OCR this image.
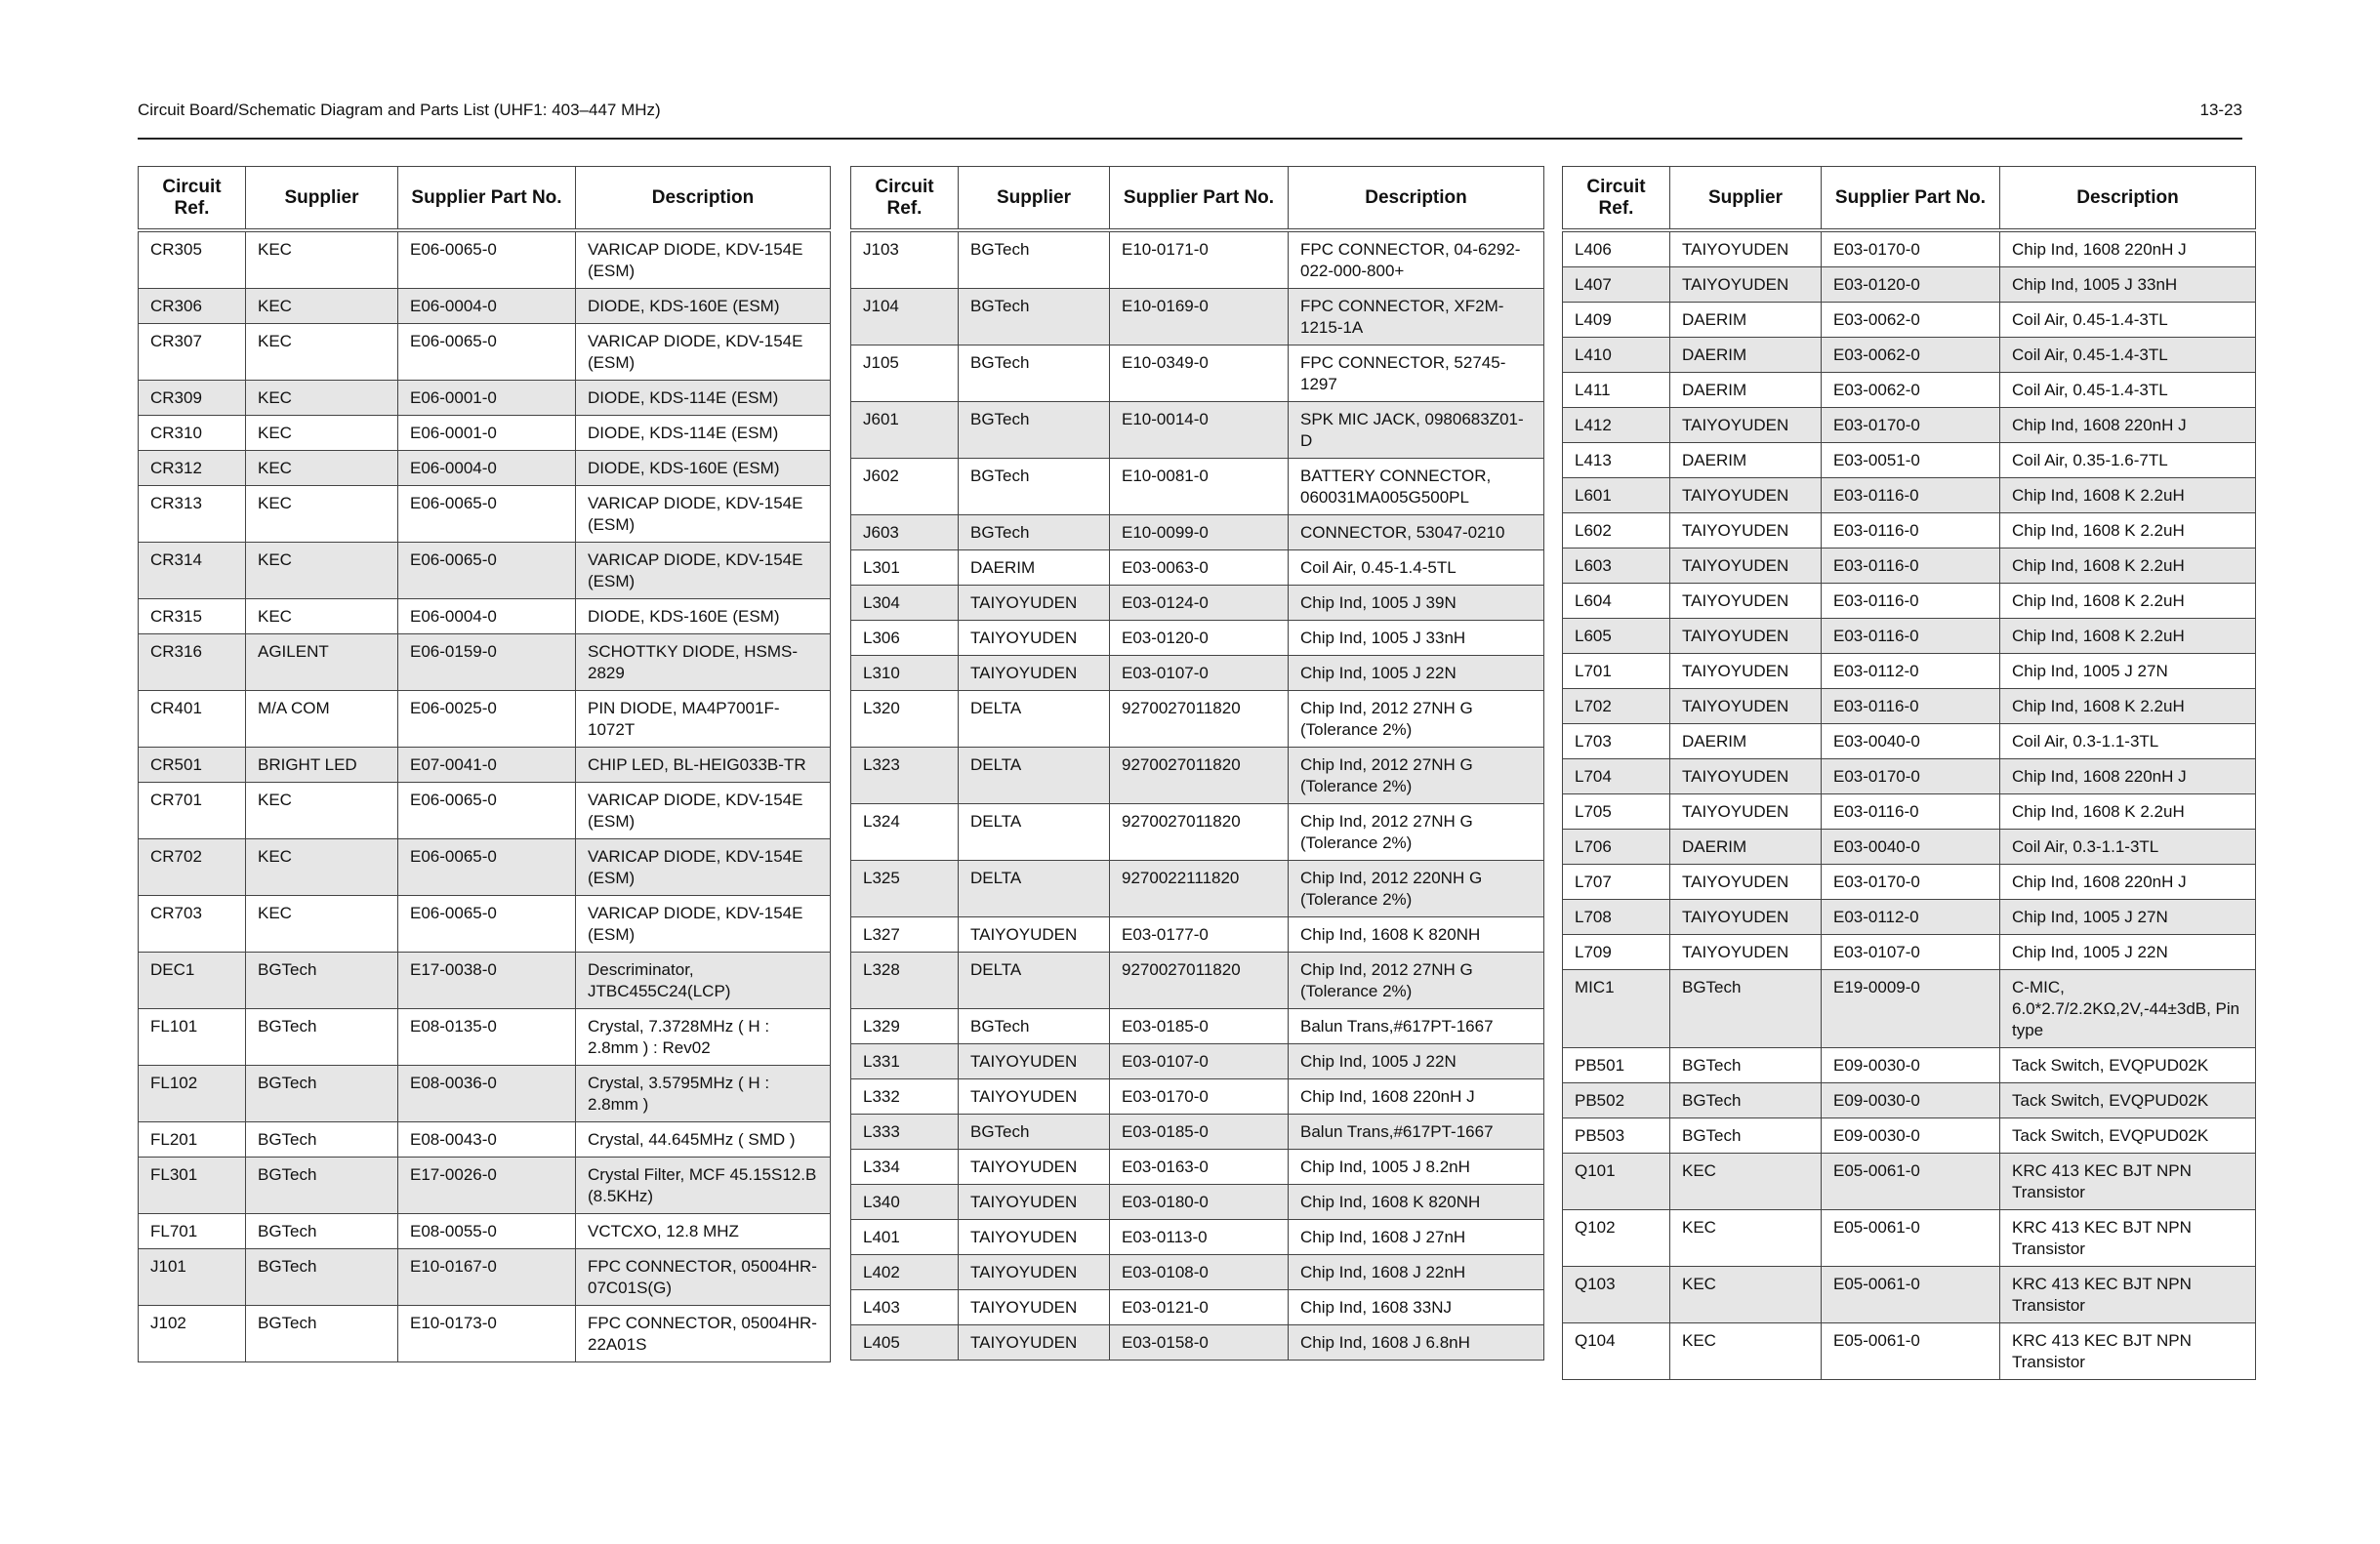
Circuit Board/Schematic Diagram and Parts List (UHF1: 403–447 MHz)	13-23
Circuit Ref.	Supplier	Supplier Part No.	Description
CR305	KEC	E06-0065-0	VARICAP DIODE, KDV-154E (ESM)
CR306	KEC	E06-0004-0	DIODE, KDS-160E (ESM)
CR307	KEC	E06-0065-0	VARICAP DIODE, KDV-154E (ESM)
CR309	KEC	E06-0001-0	DIODE, KDS-114E (ESM)
CR310	KEC	E06-0001-0	DIODE, KDS-114E (ESM)
CR312	KEC	E06-0004-0	DIODE, KDS-160E (ESM)
CR313	KEC	E06-0065-0	VARICAP DIODE, KDV-154E (ESM)
CR314	KEC	E06-0065-0	VARICAP DIODE, KDV-154E (ESM)
CR315	KEC	E06-0004-0	DIODE, KDS-160E (ESM)
CR316	AGILENT	E06-0159-0	SCHOTTKY DIODE, HSMS-2829
CR401	M/A COM	E06-0025-0	PIN DIODE, MA4P7001F-1072T
CR501	BRIGHT LED	E07-0041-0	CHIP LED, BL-HEIG033B-TR
CR701	KEC	E06-0065-0	VARICAP DIODE, KDV-154E (ESM)
CR702	KEC	E06-0065-0	VARICAP DIODE, KDV-154E (ESM)
CR703	KEC	E06-0065-0	VARICAP DIODE, KDV-154E (ESM)
DEC1	BGTech	E17-0038-0	Descriminator, JTBC455C24(LCP)
FL101	BGTech	E08-0135-0	Crystal, 7.3728MHz ( H : 2.8mm ) : Rev02
FL102	BGTech	E08-0036-0	Crystal, 3.5795MHz ( H : 2.8mm )
FL201	BGTech	E08-0043-0	Crystal, 44.645MHz ( SMD )
FL301	BGTech	E17-0026-0	Crystal Filter, MCF 45.15S12.B (8.5KHz)
FL701	BGTech	E08-0055-0	VCTCXO, 12.8 MHZ
J101	BGTech	E10-0167-0	FPC CONNECTOR, 05004HR-07C01S(G)
J102	BGTech	E10-0173-0	FPC CONNECTOR, 05004HR-22A01S
Circuit Ref.	Supplier	Supplier Part No.	Description
J103	BGTech	E10-0171-0	FPC CONNECTOR, 04-6292-022-000-800+
J104	BGTech	E10-0169-0	FPC CONNECTOR, XF2M-1215-1A
J105	BGTech	E10-0349-0	FPC CONNECTOR, 52745-1297
J601	BGTech	E10-0014-0	SPK MIC JACK, 0980683Z01-D
J602	BGTech	E10-0081-0	BATTERY CONNECTOR, 060031MA005G500PL
J603	BGTech	E10-0099-0	CONNECTOR, 53047-0210
L301	DAERIM	E03-0063-0	Coil Air, 0.45-1.4-5TL
L304	TAIYOYUDEN	E03-0124-0	Chip Ind, 1005 J 39N
L306	TAIYOYUDEN	E03-0120-0	Chip Ind, 1005 J 33nH
L310	TAIYOYUDEN	E03-0107-0	Chip Ind, 1005 J 22N
L320	DELTA	9270027011820	Chip Ind, 2012 27NH G (Tolerance 2%)
L323	DELTA	9270027011820	Chip Ind, 2012 27NH G (Tolerance 2%)
L324	DELTA	9270027011820	Chip Ind, 2012 27NH G (Tolerance 2%)
L325	DELTA	9270022111820	Chip Ind, 2012 220NH G (Tolerance 2%)
L327	TAIYOYUDEN	E03-0177-0	Chip Ind, 1608 K 820NH
L328	DELTA	9270027011820	Chip Ind, 2012 27NH G (Tolerance 2%)
L329	BGTech	E03-0185-0	Balun Trans,#617PT-1667
L331	TAIYOYUDEN	E03-0107-0	Chip Ind, 1005 J 22N
L332	TAIYOYUDEN	E03-0170-0	Chip Ind, 1608 220nH J
L333	BGTech	E03-0185-0	Balun Trans,#617PT-1667
L334	TAIYOYUDEN	E03-0163-0	Chip Ind, 1005 J 8.2nH
L340	TAIYOYUDEN	E03-0180-0	Chip Ind, 1608 K 820NH
L401	TAIYOYUDEN	E03-0113-0	Chip Ind, 1608 J 27nH
L402	TAIYOYUDEN	E03-0108-0	Chip Ind, 1608 J 22nH
L403	TAIYOYUDEN	E03-0121-0	Chip Ind, 1608 33NJ
L405	TAIYOYUDEN	E03-0158-0	Chip Ind, 1608 J 6.8nH
Circuit Ref.	Supplier	Supplier Part No.	Description
L406	TAIYOYUDEN	E03-0170-0	Chip Ind, 1608 220nH J
L407	TAIYOYUDEN	E03-0120-0	Chip Ind, 1005 J 33nH
L409	DAERIM	E03-0062-0	Coil Air, 0.45-1.4-3TL
L410	DAERIM	E03-0062-0	Coil Air, 0.45-1.4-3TL
L411	DAERIM	E03-0062-0	Coil Air, 0.45-1.4-3TL
L412	TAIYOYUDEN	E03-0170-0	Chip Ind, 1608 220nH J
L413	DAERIM	E03-0051-0	Coil Air, 0.35-1.6-7TL
L601	TAIYOYUDEN	E03-0116-0	Chip Ind, 1608 K 2.2uH
L602	TAIYOYUDEN	E03-0116-0	Chip Ind, 1608 K 2.2uH
L603	TAIYOYUDEN	E03-0116-0	Chip Ind, 1608 K 2.2uH
L604	TAIYOYUDEN	E03-0116-0	Chip Ind, 1608 K 2.2uH
L605	TAIYOYUDEN	E03-0116-0	Chip Ind, 1608 K 2.2uH
L701	TAIYOYUDEN	E03-0112-0	Chip Ind, 1005 J 27N
L702	TAIYOYUDEN	E03-0116-0	Chip Ind, 1608 K 2.2uH
L703	DAERIM	E03-0040-0	Coil Air, 0.3-1.1-3TL
L704	TAIYOYUDEN	E03-0170-0	Chip Ind, 1608 220nH J
L705	TAIYOYUDEN	E03-0116-0	Chip Ind, 1608 K 2.2uH
L706	DAERIM	E03-0040-0	Coil Air, 0.3-1.1-3TL
L707	TAIYOYUDEN	E03-0170-0	Chip Ind, 1608 220nH J
L708	TAIYOYUDEN	E03-0112-0	Chip Ind, 1005 J 27N
L709	TAIYOYUDEN	E03-0107-0	Chip Ind, 1005 J 22N
MIC1	BGTech	E19-0009-0	C-MIC, 6.0*2.7/2.2KΩ,2V,-44±3dB, Pin type
PB501	BGTech	E09-0030-0	Tack Switch, EVQPUD02K
PB502	BGTech	E09-0030-0	Tack Switch, EVQPUD02K
PB503	BGTech	E09-0030-0	Tack Switch, EVQPUD02K
Q101	KEC	E05-0061-0	KRC 413 KEC BJT NPN Transistor
Q102	KEC	E05-0061-0	KRC 413 KEC BJT NPN Transistor
Q103	KEC	E05-0061-0	KRC 413 KEC BJT NPN Transistor
Q104	KEC	E05-0061-0	KRC 413 KEC BJT NPN Transistor
